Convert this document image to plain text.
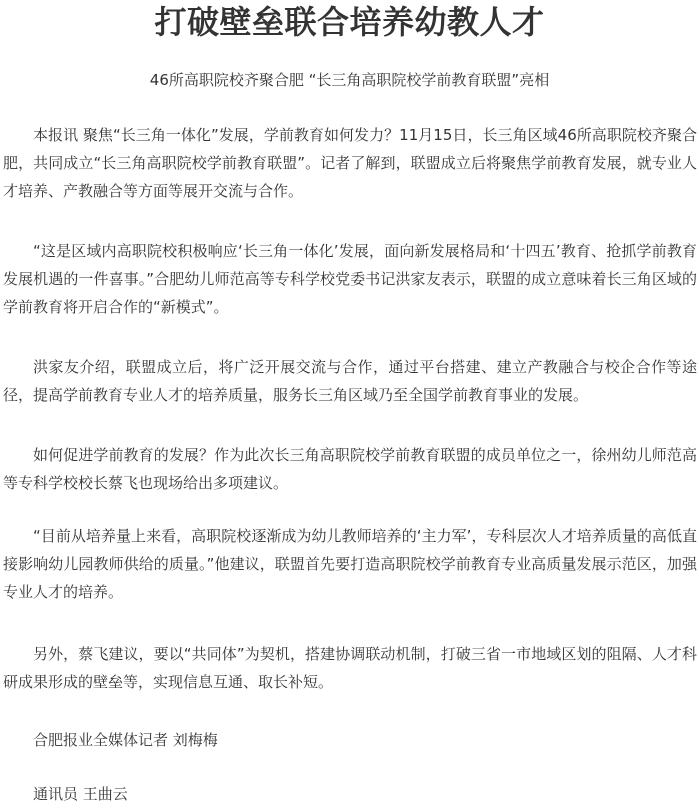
打破壁垒联合培养幼教人才
46所高职院校齐聚合肥 “长三角高职院校学前教育联盟”亮相

本报讯 聚焦“长三角一体化”发展，学前教育如何发力？11月15日，长三角区域46所高职院校齐聚合肥，共同成立“长三角高职院校学前教育联盟”。记者了解到，联盟成立后将聚焦学前教育发展，就专业人才培养、产教融合等方面等展开交流与合作。

“这是区域内高职院校积极响应‘长三角一体化’发展，面向新发展格局和‘十四五’教育、抢抓学前教育发展机遇的一件喜事。”合肥幼儿师范高等专科学校党委书记洪家友表示，联盟的成立意味着长三角区域的学前教育将开启合作的“新模式”。

洪家友介绍，联盟成立后，将广泛开展交流与合作，通过平台搭建、建立产教融合与校企合作等途径，提高学前教育专业人才的培养质量，服务长三角区域乃至全国学前教育事业的发展。

如何促进学前教育的发展？作为此次长三角高职院校学前教育联盟的成员单位之一，徐州幼儿师范高等专科学校校长蔡飞也现场给出多项建议。

“目前从培养量上来看，高职院校逐渐成为幼儿教师培养的‘主力军’，专科层次人才培养质量的高低直接影响幼儿园教师供给的质量。”他建议，联盟首先要打造高职院校学前教育专业高质量发展示范区，加强专业人才的培养。

另外，蔡飞建议，要以“共同体”为契机，搭建协调联动机制，打破三省一市地域区划的阻隔、人才科研成果形成的壁垒等，实现信息互通、取长补短。

合肥报业全媒体记者 刘梅梅

通讯员 王曲云
